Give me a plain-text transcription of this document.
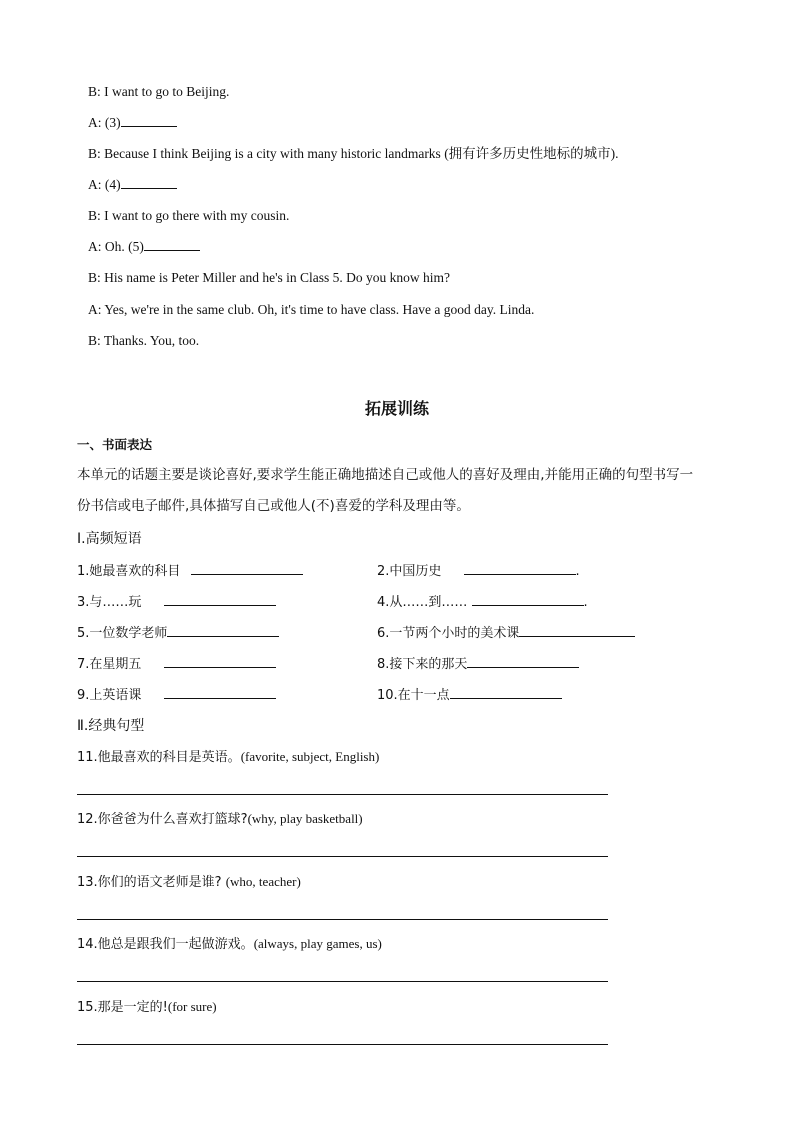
B: I want to go to Beijing.
A: (3)
B: Because I think Beijing is a city with many historic landmarks (拥有许多历史性地标的城市).
A: (4)
B: I want to go there with my cousin.
A: Oh. (5)
B: His name is Peter Miller and he's in Class 5. Do you know him?
A: Yes, we're in the same club. Oh, it's time to have class. Have a good day. Linda.
B: Thanks. You, too.
拓展训练
一、书面表达
本单元的话题主要是谈论喜好,要求学生能正确地描述自己或他人的喜好及理由,并能用正确的句型书写一
份书信或电子邮件,具体描写自己或他人(不)喜爱的学科及理由等。
Ⅰ.高频短语
1.她最喜欢的科目	2.中国历史	.
3.与……玩	4.从……到……	.
5.一位数学老师	6.一节两个小时的美术课
7.在星期五	8.接下来的那天
9.上英语课	10.在十一点
Ⅱ.经典句型
11.他最喜欢的科目是英语。(favorite, subject, English)
12.你爸爸为什么喜欢打篮球?(why, play basketball)
13.你们的语文老师是谁? (who, teacher)
14.他总是跟我们一起做游戏。(always, play games, us)
15.那是一定的!(for sure)
